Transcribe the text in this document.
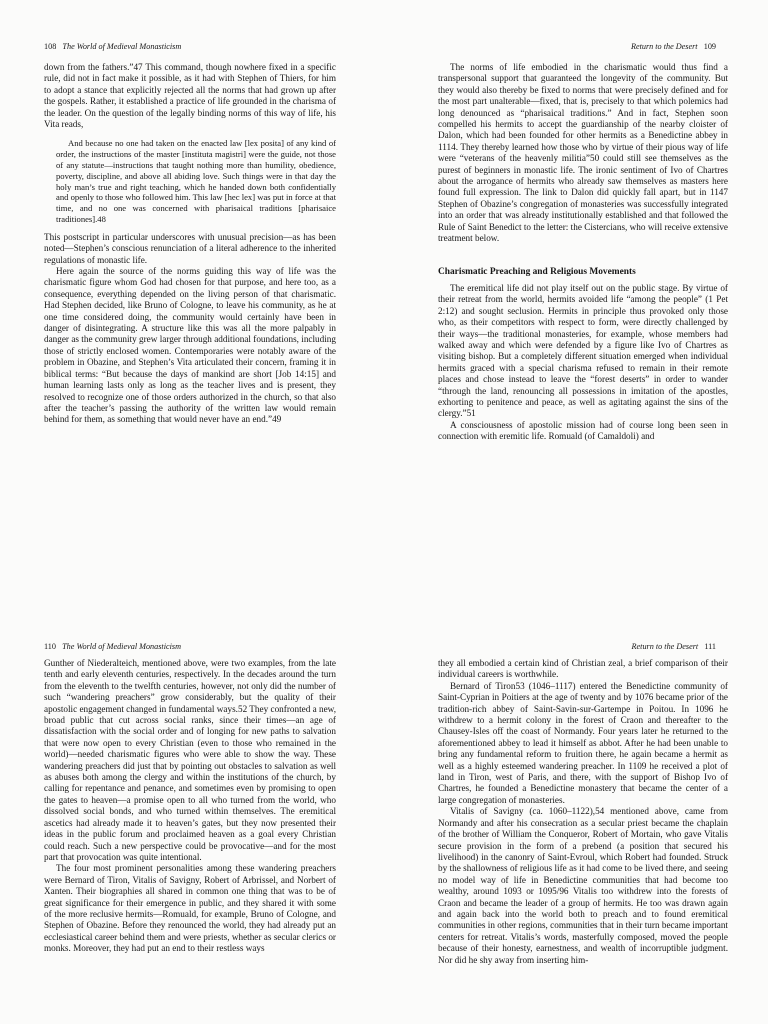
108 The World of Medieval Monasticism

down from the fathers.”47 This command, though nowhere fixed in a specific rule, did not in fact make it possible, as it had with Stephen of Thiers, for him to adopt a stance that explicitly rejected all the norms that had grown up after the gospels. Rather, it established a practice of life grounded in the charisma of the leader. On the question of the legally binding norms of this way of life, his Vita reads,

And because no one had taken on the enacted law [lex posita] of any kind of order, the instructions of the master [instituta magistri] were the guide, not those of any statute—instructions that taught nothing more than humility, obedience, poverty, discipline, and above all abiding love. Such things were in that day the holy man’s true and right teaching, which he handed down both confidentially and openly to those who followed him. This law [hec lex] was put in force at that time, and no one was concerned with pharisaical traditions [pharisaice traditiones].48

This postscript in particular underscores with unusual precision—as has been noted—Stephen’s conscious renunciation of a literal adherence to the inherited regulations of monastic life.

Here again the source of the norms guiding this way of life was the charismatic figure whom God had chosen for that purpose, and here too, as a consequence, everything depended on the living person of that charismatic. Had Stephen decided, like Bruno of Cologne, to leave his community, as he at one time considered doing, the community would certainly have been in danger of disintegrating. A structure like this was all the more palpably in danger as the community grew larger through additional foundations, including those of strictly enclosed women. Contemporaries were notably aware of the problem in Obazine, and Stephen’s Vita articulated their concern, framing it in biblical terms: “But because the days of mankind are short [Job 14:15] and human learning lasts only as long as the teacher lives and is present, they resolved to recognize one of those orders authorized in the church, so that also after the teacher’s passing the authority of the written law would remain behind for them, as something that would never have an end.”49

Return to the Desert 109

The norms of life embodied in the charismatic would thus find a transpersonal support that guaranteed the longevity of the community. But they would also thereby be fixed to norms that were precisely defined and for the most part unalterable—fixed, that is, precisely to that which polemics had long denounced as “pharisaical traditions.” And in fact, Stephen soon compelled his hermits to accept the guardianship of the nearby cloister of Dalon, which had been founded for other hermits as a Benedictine abbey in 1114. They thereby learned how those who by virtue of their pious way of life were “veterans of the heavenly militia”50 could still see themselves as the purest of beginners in monastic life. The ironic sentiment of Ivo of Chartres about the arrogance of hermits who already saw themselves as masters here found full expression. The link to Dalon did quickly fall apart, but in 1147 Stephen of Obazine’s congregation of monasteries was successfully integrated into an order that was already institutionally established and that followed the Rule of Saint Benedict to the letter: the Cistercians, who will receive extensive treatment below.

Charismatic Preaching and Religious Movements

The eremitical life did not play itself out on the public stage. By virtue of their retreat from the world, hermits avoided life “among the people” (1 Pet 2:12) and sought seclusion. Hermits in principle thus provoked only those who, as their competitors with respect to form, were directly challenged by their ways—the traditional monasteries, for example, whose members had walked away and which were defended by a figure like Ivo of Chartres as visiting bishop. But a completely different situation emerged when individual hermits graced with a special charisma refused to remain in their remote places and chose instead to leave the “forest deserts” in order to wander “through the land, renouncing all possessions in imitation of the apostles, exhorting to penitence and peace, as well as agitating against the sins of the clergy.”51

A consciousness of apostolic mission had of course long been seen in connection with eremitic life. Romuald (of Camaldoli) and

110 The World of Medieval Monasticism

Gunther of Niederalteich, mentioned above, were two examples, from the late tenth and early eleventh centuries, respectively. In the decades around the turn from the eleventh to the twelfth centuries, however, not only did the number of such “wandering preachers” grow considerably, but the quality of their apostolic engagement changed in fundamental ways.52 They confronted a new, broad public that cut across social ranks, since their times—an age of dissatisfaction with the social order and of longing for new paths to salvation that were now open to every Christian (even to those who remained in the world)—needed charismatic figures who were able to show the way. These wandering preachers did just that by pointing out obstacles to salvation as well as abuses both among the clergy and within the institutions of the church, by calling for repentance and penance, and sometimes even by promising to open the gates to heaven—a promise open to all who turned from the world, who dissolved social bonds, and who turned within themselves. The eremitical ascetics had already made it to heaven’s gates, but they now presented their ideas in the public forum and proclaimed heaven as a goal every Christian could reach. Such a new perspective could be provocative—and for the most part that provocation was quite intentional.

The four most prominent personalities among these wandering preachers were Bernard of Tiron, Vitalis of Savigny, Robert of Arbrissel, and Norbert of Xanten. Their biographies all shared in common one thing that was to be of great significance for their emergence in public, and they shared it with some of the more reclusive hermits—Romuald, for example, Bruno of Cologne, and Stephen of Obazine. Before they renounced the world, they had already put an ecclesiastical career behind them and were priests, whether as secular clerics or monks. Moreover, they had put an end to their restless ways

Return to the Desert 111

they all embodied a certain kind of Christian zeal, a brief comparison of their individual careers is worthwhile.

Bernard of Tiron53 (1046–1117) entered the Benedictine community of Saint-Cyprian in Poitiers at the age of twenty and by 1076 became prior of the tradition-rich abbey of Saint-Savin-sur-Gartempe in Poitou. In 1096 he withdrew to a hermit colony in the forest of Craon and thereafter to the Chausey-Isles off the coast of Normandy. Four years later he returned to the aforementioned abbey to lead it himself as abbot. After he had been unable to bring any fundamental reform to fruition there, he again became a hermit as well as a highly esteemed wandering preacher. In 1109 he received a plot of land in Tiron, west of Paris, and there, with the support of Bishop Ivo of Chartres, he founded a Benedictine monastery that became the center of a large congregation of monasteries.

Vitalis of Savigny (ca. 1060–1122),54 mentioned above, came from Normandy and after his consecration as a secular priest became the chaplain of the brother of William the Conqueror, Robert of Mortain, who gave Vitalis secure provision in the form of a prebend (a position that secured his livelihood) in the canonry of Saint-Evroul, which Robert had founded. Struck by the shallowness of religious life as it had come to be lived there, and seeing no model way of life in Benedictine communities that had become too wealthy, around 1093 or 1095/96 Vitalis too withdrew into the forests of Craon and became the leader of a group of hermits. He too was drawn again and again back into the world both to preach and to found eremitical communities in other regions, communities that in their turn became important centers for retreat. Vitalis’s words, masterfully composed, moved the people because of their honesty, earnestness, and wealth of incorruptible judgment. Nor did he shy away from inserting him-
